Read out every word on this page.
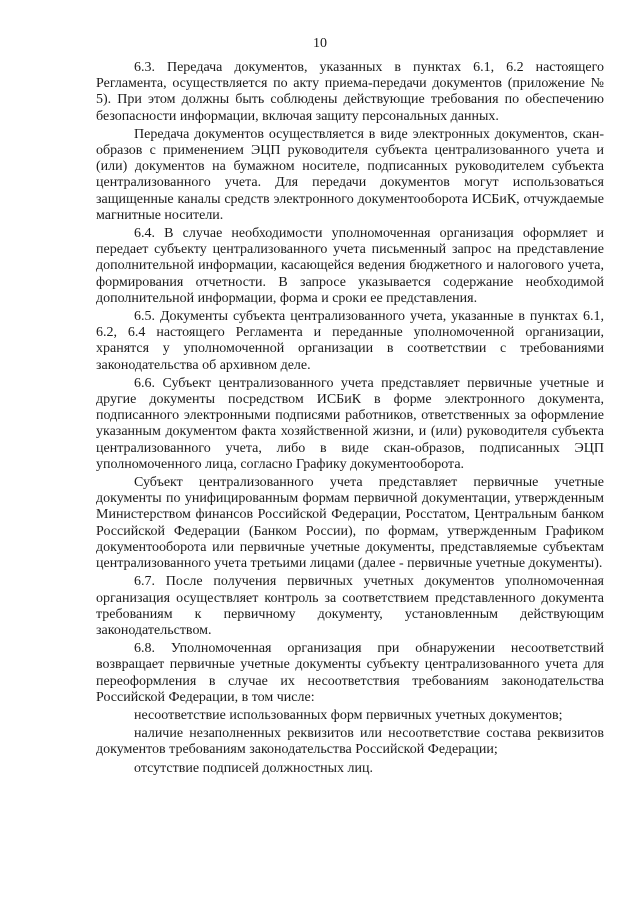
10

6.3. Передача документов, указанных в пунктах 6.1, 6.2 настоящего Регламента, осуществляется по акту приема-передачи документов (приложение № 5). При этом должны быть соблюдены действующие требования по обеспечению безопасности информации, включая защиту персональных данных.

Передача документов осуществляется в виде электронных документов, скан-образов с применением ЭЦП руководителя субъекта централизованного учета и (или) документов на бумажном носителе, подписанных руководителем субъекта централизованного учета. Для передачи документов могут использоваться защищенные каналы средств электронного документооборота ИСБиК, отчуждаемые магнитные носители.

6.4. В случае необходимости уполномоченная организация оформляет и передает субъекту централизованного учета письменный запрос на представление дополнительной информации, касающейся ведения бюджетного и налогового учета, формирования отчетности. В запросе указывается содержание необходимой дополнительной информации, форма и сроки ее представления.

6.5. Документы субъекта централизованного учета, указанные в пунктах 6.1, 6.2, 6.4 настоящего Регламента и переданные уполномоченной организации, хранятся у уполномоченной организации в соответствии с требованиями законодательства об архивном деле.

6.6. Субъект централизованного учета представляет первичные учетные и другие документы посредством ИСБиК в форме электронного документа, подписанного электронными подписями работников, ответственных за оформление указанным документом факта хозяйственной жизни, и (или) руководителя субъекта централизованного учета, либо в виде скан-образов, подписанных ЭЦП уполномоченного лица, согласно Графику документооборота.

Субъект централизованного учета представляет первичные учетные документы по унифицированным формам первичной документации, утвержденным Министерством финансов Российской Федерации, Росстатом, Центральным банком Российской Федерации (Банком России), по формам, утвержденным Графиком документооборота или первичные учетные документы, представляемые субъектам централизованного учета третьими лицами (далее - первичные учетные документы).

6.7. После получения первичных учетных документов уполномоченная организация осуществляет контроль за соответствием представленного документа требованиям к первичному документу, установленным действующим законодательством.

6.8. Уполномоченная организация при обнаружении несоответствий возвращает первичные учетные документы субъекту централизованного учета для переоформления в случае их несоответствия требованиям законодательства Российской Федерации, в том числе:

несоответствие использованных форм первичных учетных документов;

наличие незаполненных реквизитов или несоответствие состава реквизитов документов требованиям законодательства Российской Федерации;

отсутствие подписей должностных лиц.
